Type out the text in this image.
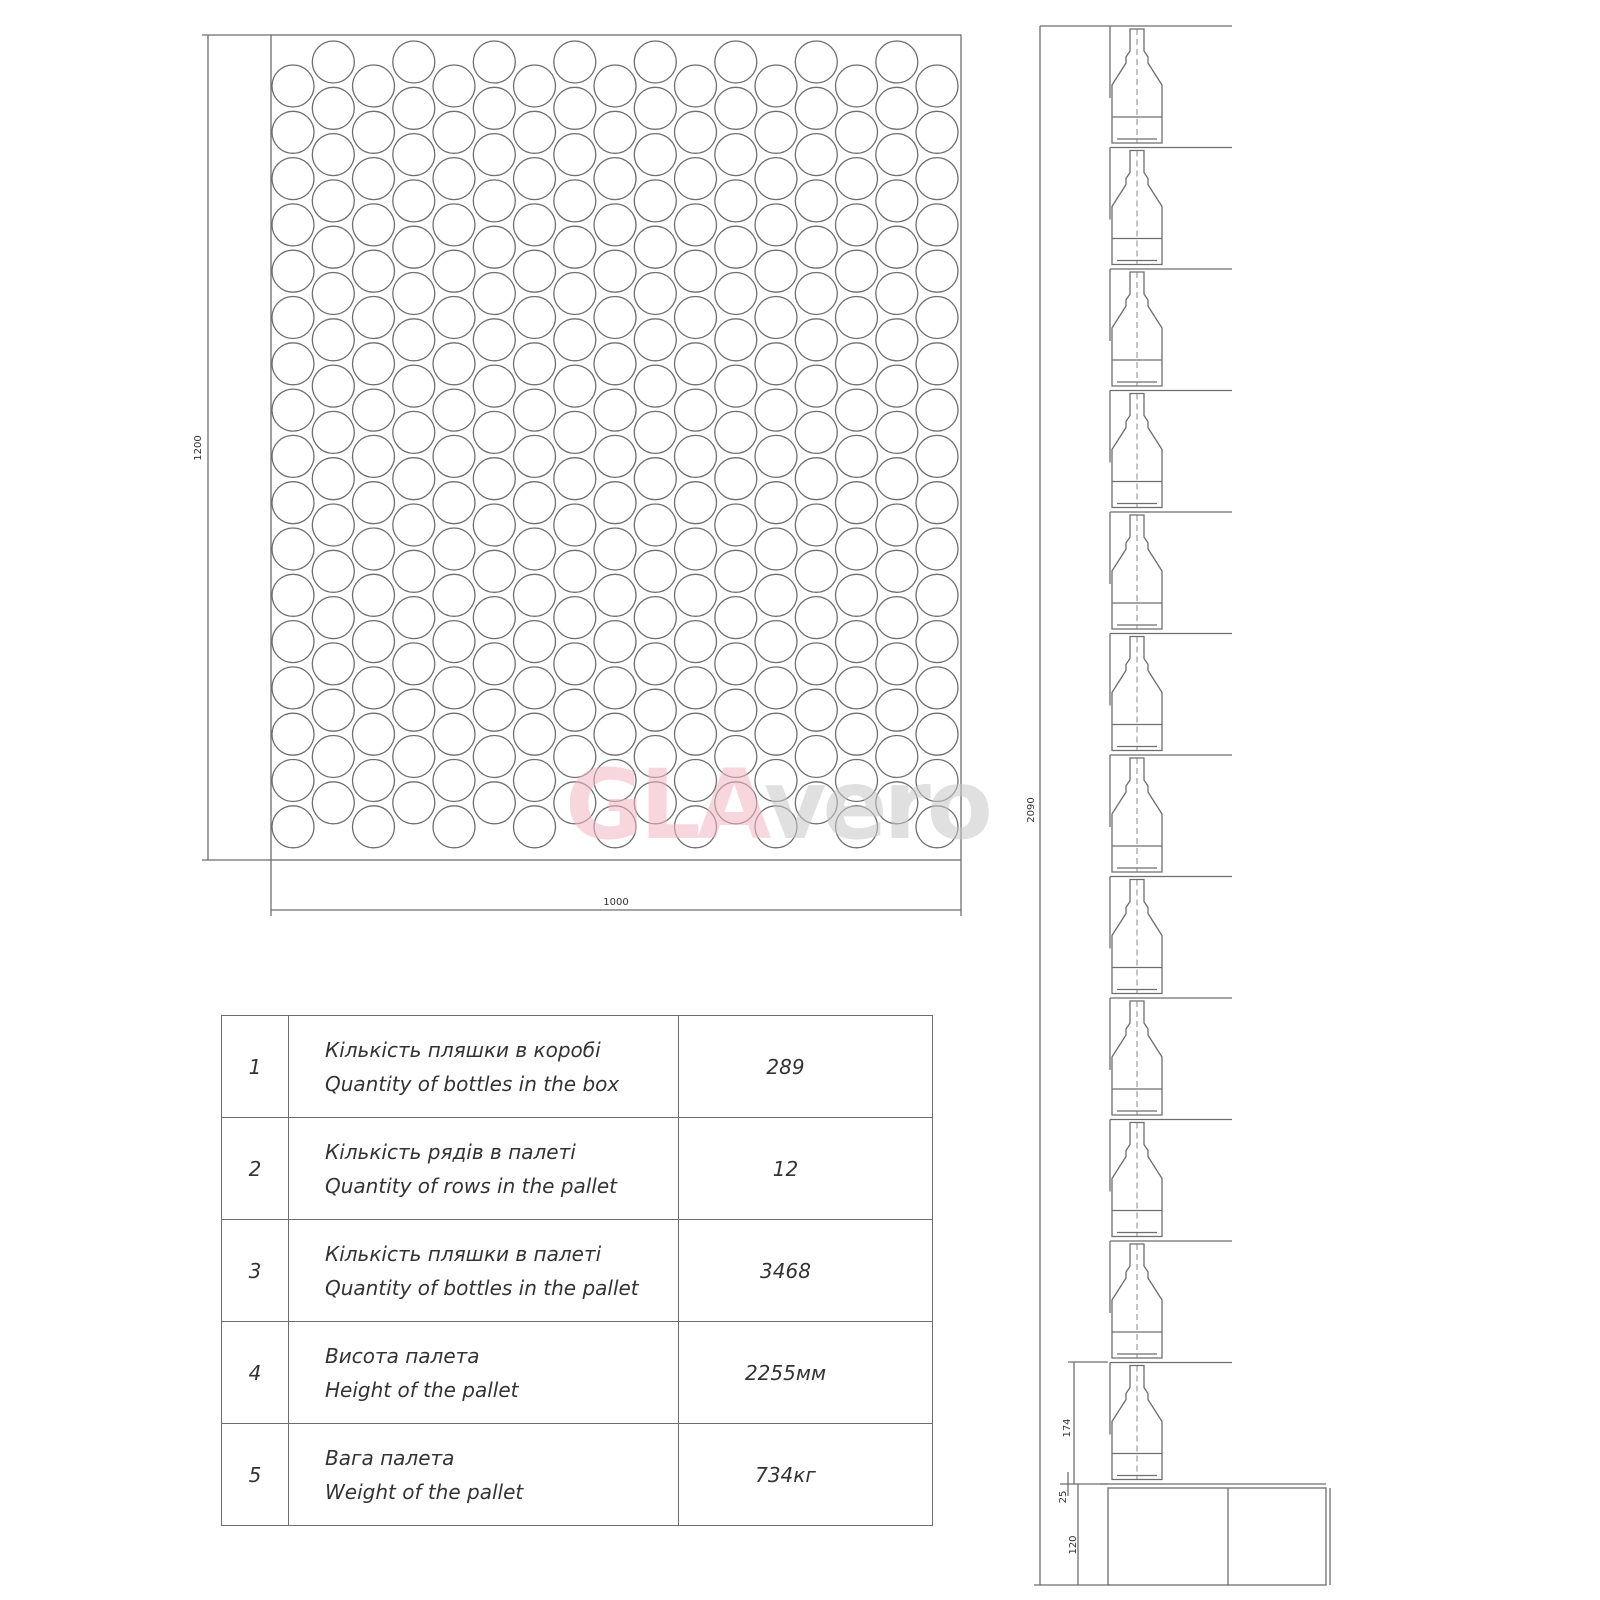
1200
1000
GLAvero	2090
174
25
120
1	Кількість пляшки в коробі
Quantity of bottles in the box	289
2	Кількість рядів в палеті
Quantity of rows in the pallet	12
3	Кількість пляшки в палеті
Quantity of bottles in the pallet	3468
4	Висота палета
Height of the pallet	2255мм
5	Вага палета
Weight of the pallet	734кг
